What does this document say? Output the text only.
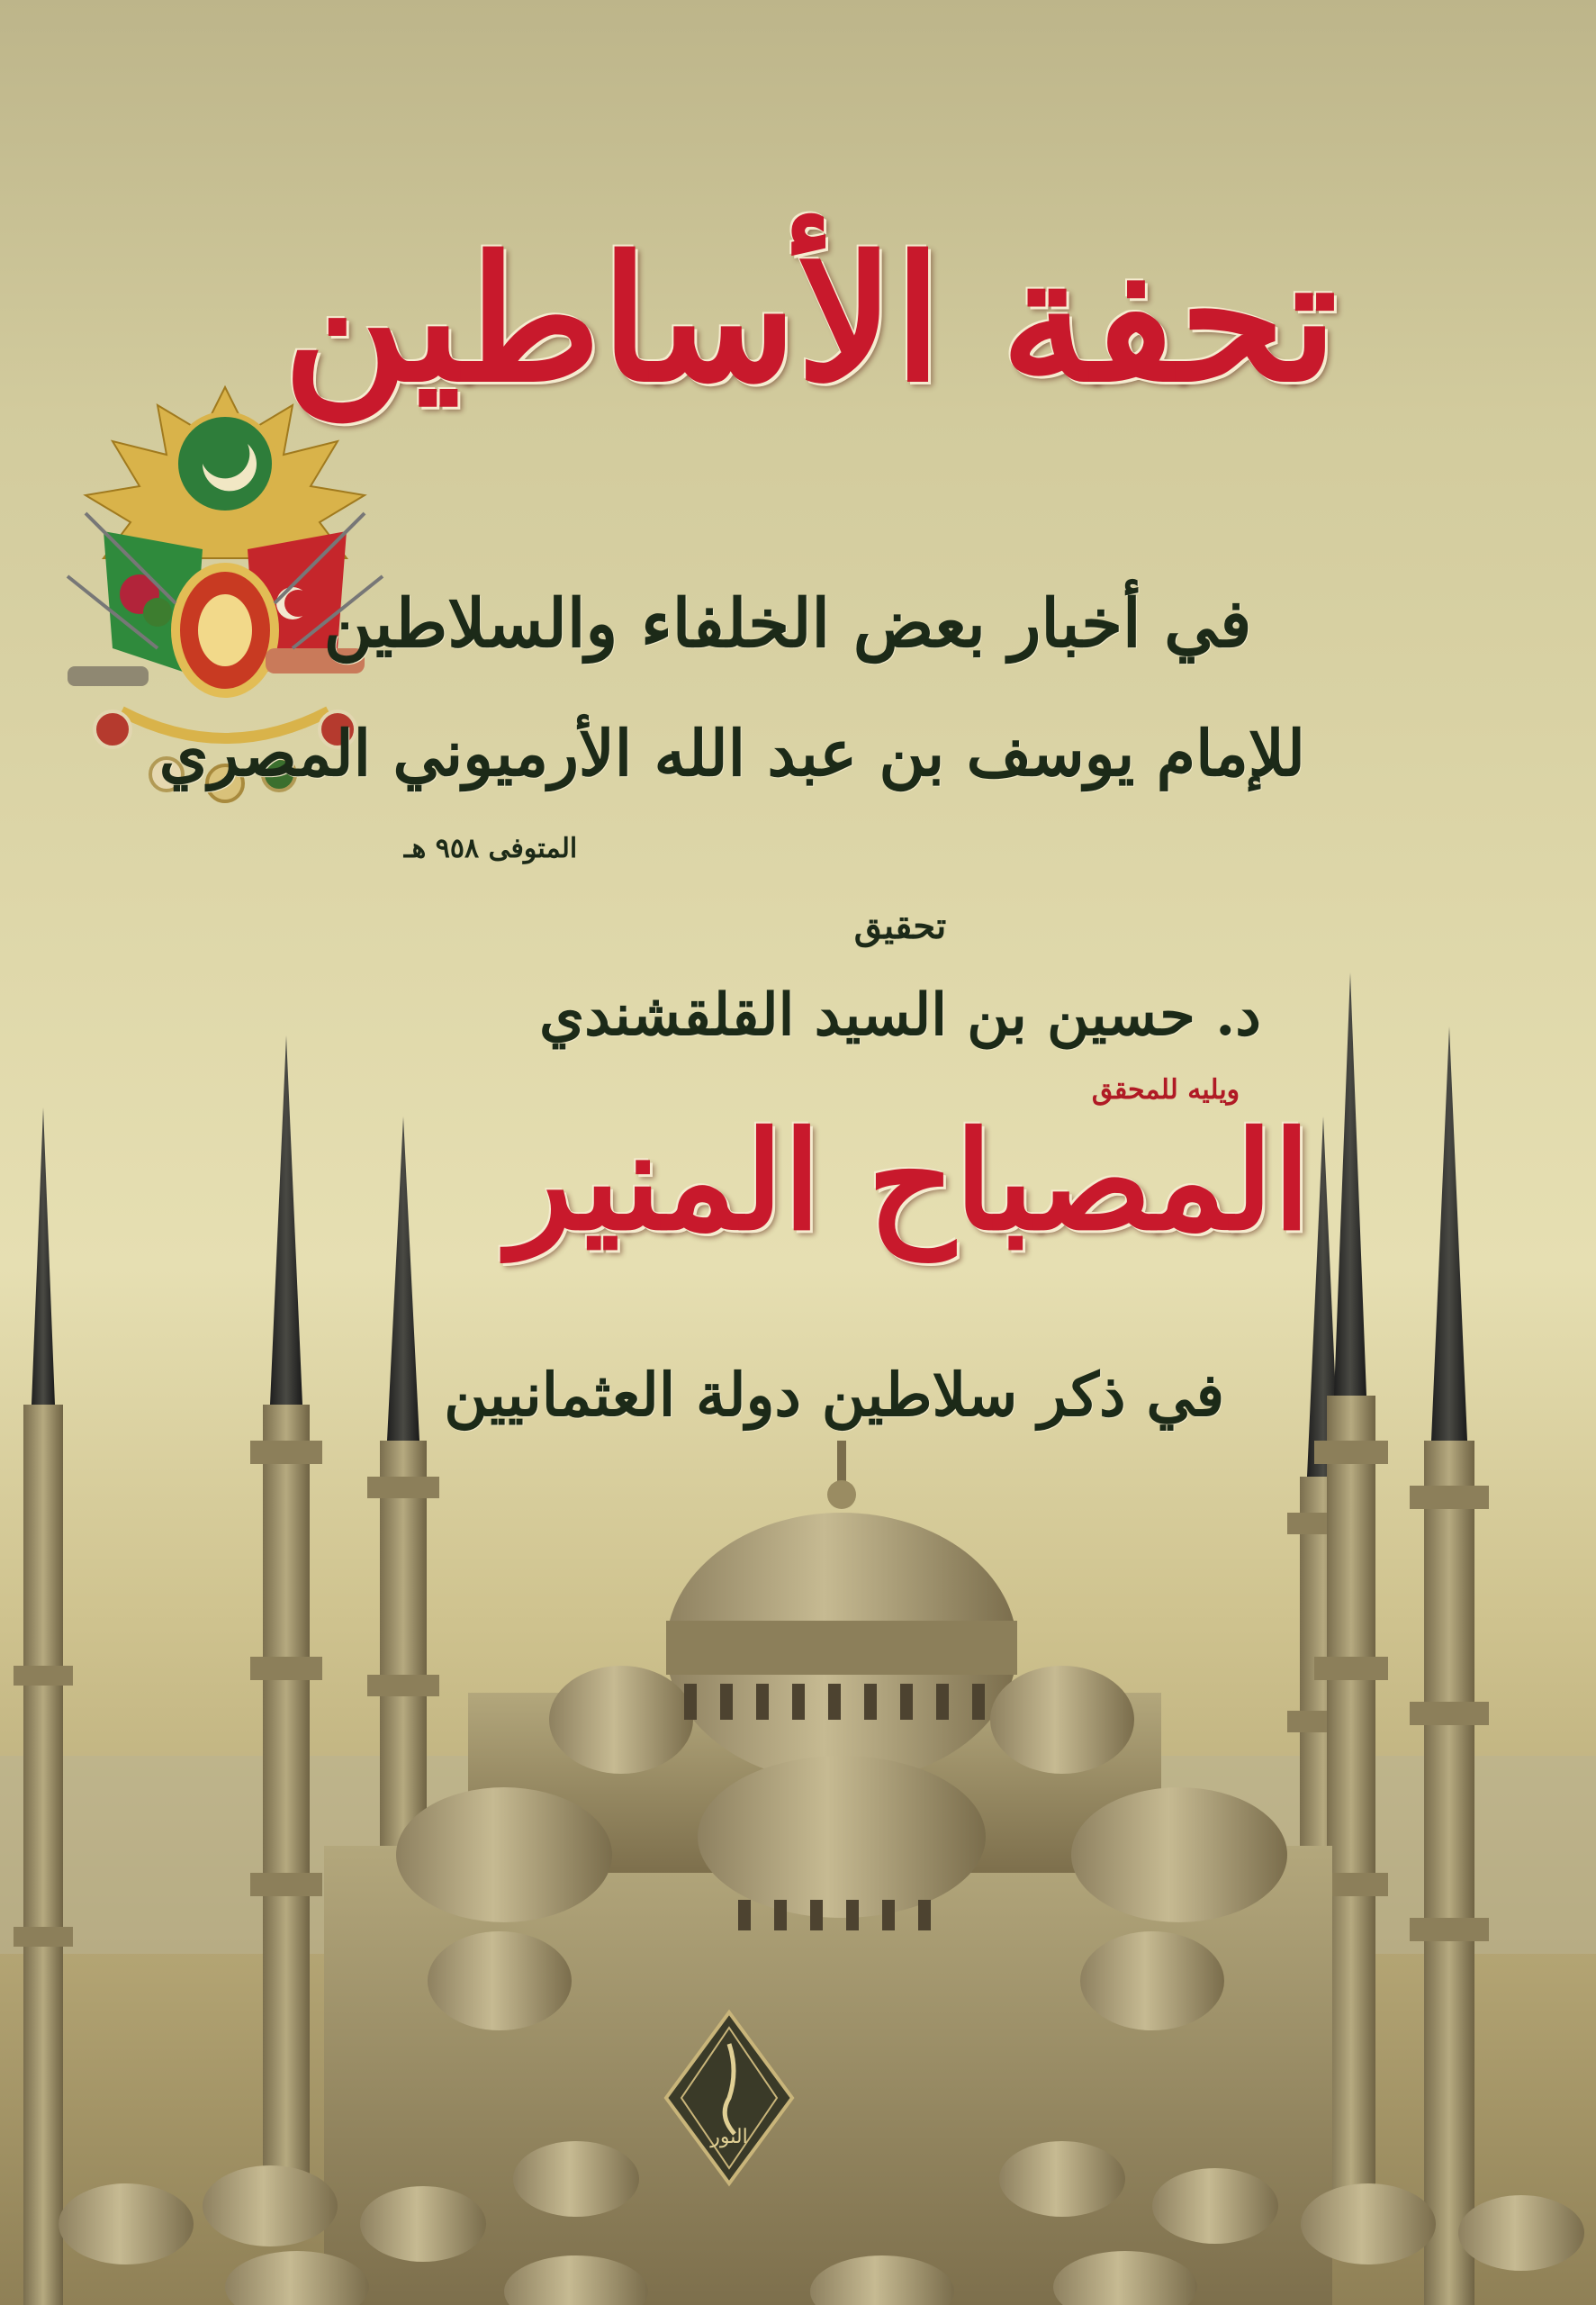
تحفة الأساطين
في أخبار بعض الخلفاء والسلاطين
للإمام يوسف بن عبد الله الأرميوني المصري
المتوفى ٩٥٨ هـ
تحقيق
د. حسين بن السيد القلقشندي
ويليه للمحقق
المصباح المنير
في ذكر سلاطين دولة العثمانيين
النور
